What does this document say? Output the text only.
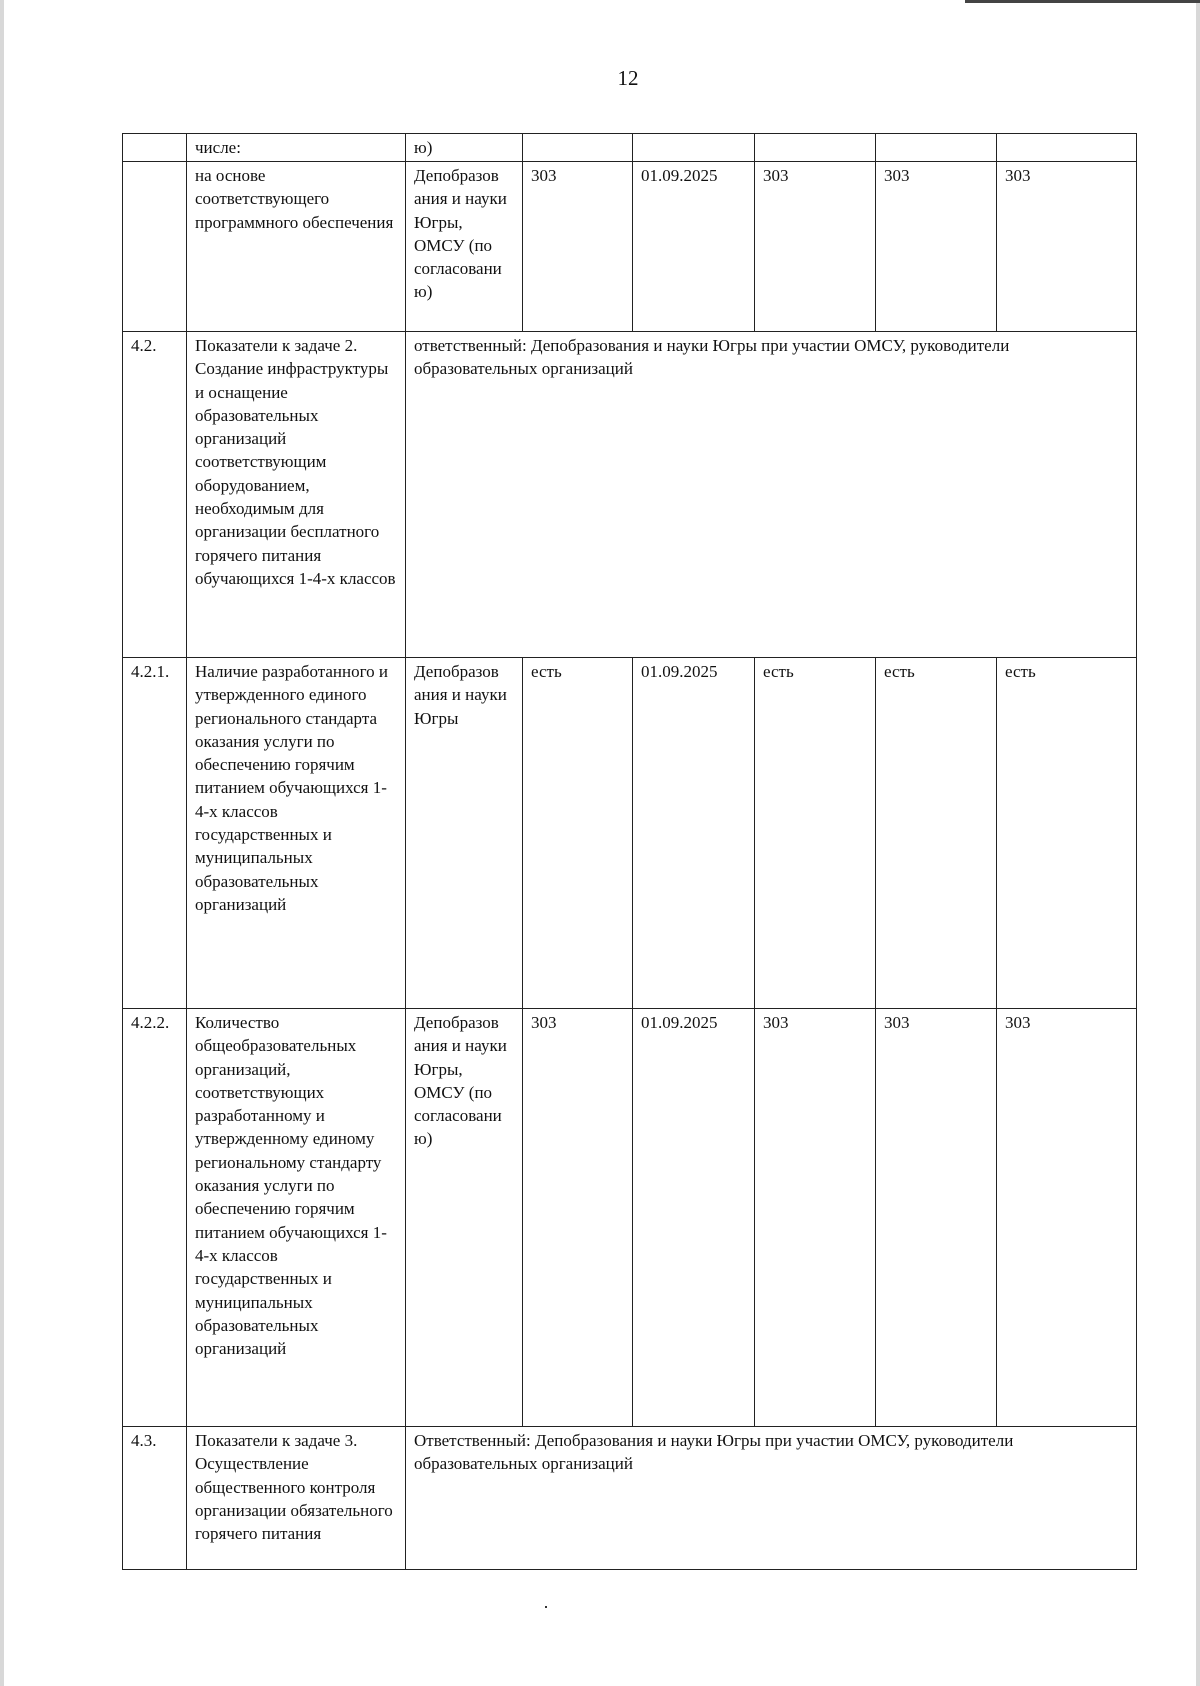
12
	числе:	ю)					
	на основе соответствующего программного обеспечения	Депобразов ания и науки Югры, ОМСУ (по согласовани ю)	303	01.09.2025	303	303	303
4.2.	Показатели к задаче 2. Создание инфраструктуры и оснащение образовательных организаций соответствующим оборудованием, необходимым для организации бесплатного горячего питания обучающихся 1-4-х классов	ответственный: Депобразования и науки Югры при участии ОМСУ, руководители образовательных организаций					
4.2.1.	Наличие разработанного и утвержденного единого регионального стандарта оказания услуги по обеспечению горячим питанием обучающихся 1-4-х классов государственных и муниципальных образовательных организаций	Депобразов ания и науки Югры	есть	01.09.2025	есть	есть	есть
4.2.2.	Количество общеобразовательных организаций, соответствующих разработанному и утвержденному единому региональному стандарту оказания услуги по обеспечению горячим питанием обучающихся 1-4-х классов государственных и муниципальных образовательных организаций	Депобразов ания и науки Югры, ОМСУ (по согласовани ю)	303	01.09.2025	303	303	303
4.3.	Показатели к задаче 3. Осуществление общественного контроля организации обязательного горячего питания	Ответственный: Депобразования и науки Югры при участии ОМСУ, руководители образовательных организаций					
